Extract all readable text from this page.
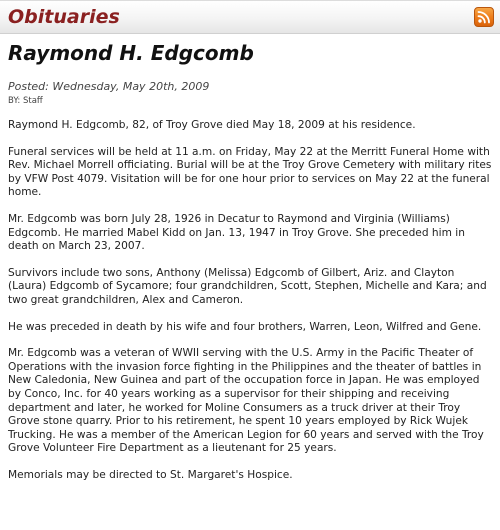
Obituaries
Raymond H. Edgcomb
Posted: Wednesday, May 20th, 2009
BY: Staff

Raymond H. Edgcomb, 82, of Troy Grove died May 18, 2009 at his residence.

Funeral services will be held at 11 a.m. on Friday, May 22 at the Merritt Funeral Home with Rev. Michael Morrell officiating. Burial will be at the Troy Grove Cemetery with military rites by VFW Post 4079. Visitation will be for one hour prior to services on May 22 at the funeral home.

Mr. Edgcomb was born July 28, 1926 in Decatur to Raymond and Virginia (Williams) Edgcomb. He married Mabel Kidd on Jan. 13, 1947 in Troy Grove. She preceded him in death on March 23, 2007.

Survivors include two sons, Anthony (Melissa) Edgcomb of Gilbert, Ariz. and Clayton (Laura) Edgcomb of Sycamore; four grandchildren, Scott, Stephen, Michelle and Kara; and two great grandchildren, Alex and Cameron.

He was preceded in death by his wife and four brothers, Warren, Leon, Wilfred and Gene.

Mr. Edgcomb was a veteran of WWII serving with the U.S. Army in the Pacific Theater of Operations with the invasion force fighting in the Philippines and the theater of battles in New Caledonia, New Guinea and part of the occupation force in Japan. He was employed by Conco, Inc. for 40 years working as a supervisor for their shipping and receiving department and later, he worked for Moline Consumers as a truck driver at their Troy Grove stone quarry. Prior to his retirement, he spent 10 years employed by Rick Wujek Trucking. He was a member of the American Legion for 60 years and served with the Troy Grove Volunteer Fire Department as a lieutenant for 25 years.

Memorials may be directed to St. Margaret's Hospice.
